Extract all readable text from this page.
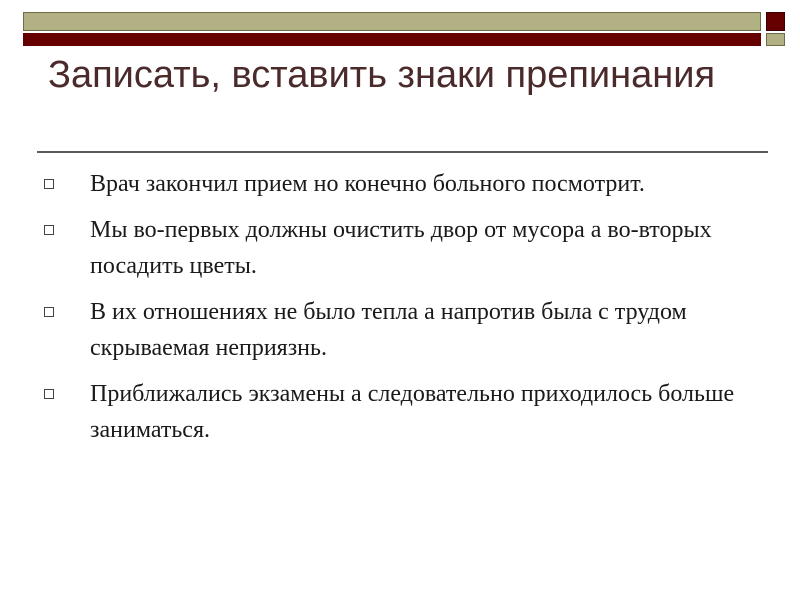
Записать, вставить знаки препинания
Врач закончил прием но конечно больного посмотрит.
Мы во-первых должны очистить двор от мусора а во-вторых посадить цветы.
В их отношениях не было тепла а напротив была с трудом скрываемая неприязнь.
Приближались экзамены а следовательно приходилось больше заниматься.
